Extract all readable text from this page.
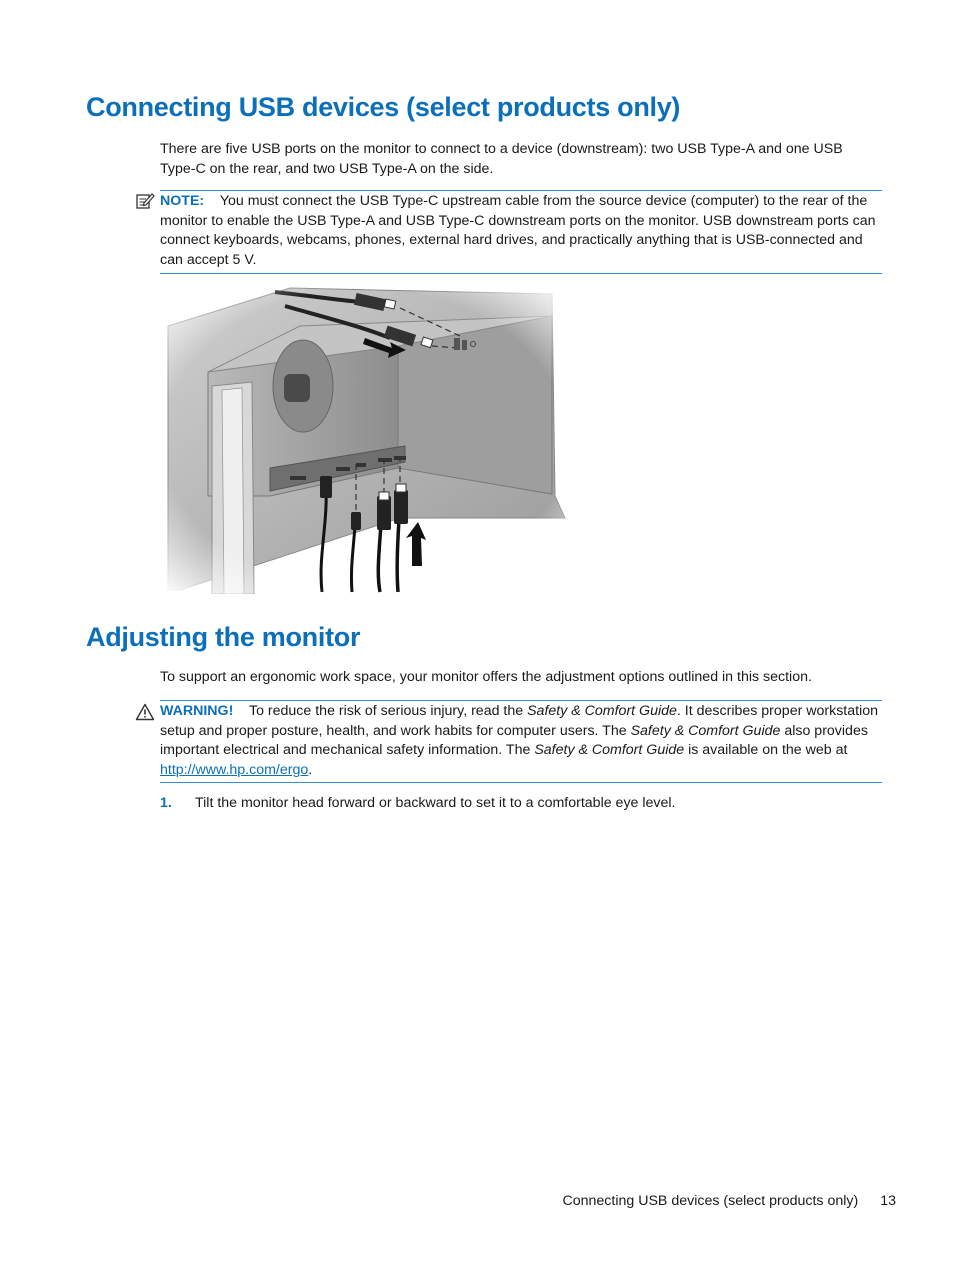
Connecting USB devices (select products only)

There are five USB ports on the monitor to connect to a device (downstream): two USB Type-A and one USB Type-C on the rear, and two USB Type-A on the side.

NOTE: You must connect the USB Type-C upstream cable from the source device (computer) to the rear of the monitor to enable the USB Type-A and USB Type-C downstream ports on the monitor. USB downstream ports can connect keyboards, webcams, phones, external hard drives, and practically anything that is USB-connected and can accept 5 V.
Adjusting the monitor

To support an ergonomic work space, your monitor offers the adjustment options outlined in this section.

WARNING! To reduce the risk of serious injury, read the Safety & Comfort Guide. It describes proper workstation setup and proper posture, health, and work habits for computer users. The Safety & Comfort Guide also provides important electrical and mechanical safety information. The Safety & Comfort Guide is available on the web at http://www.hp.com/ergo.
1. Tilt the monitor head forward or backward to set it to a comfortable eye level.
Connecting USB devices (select products only) 13
